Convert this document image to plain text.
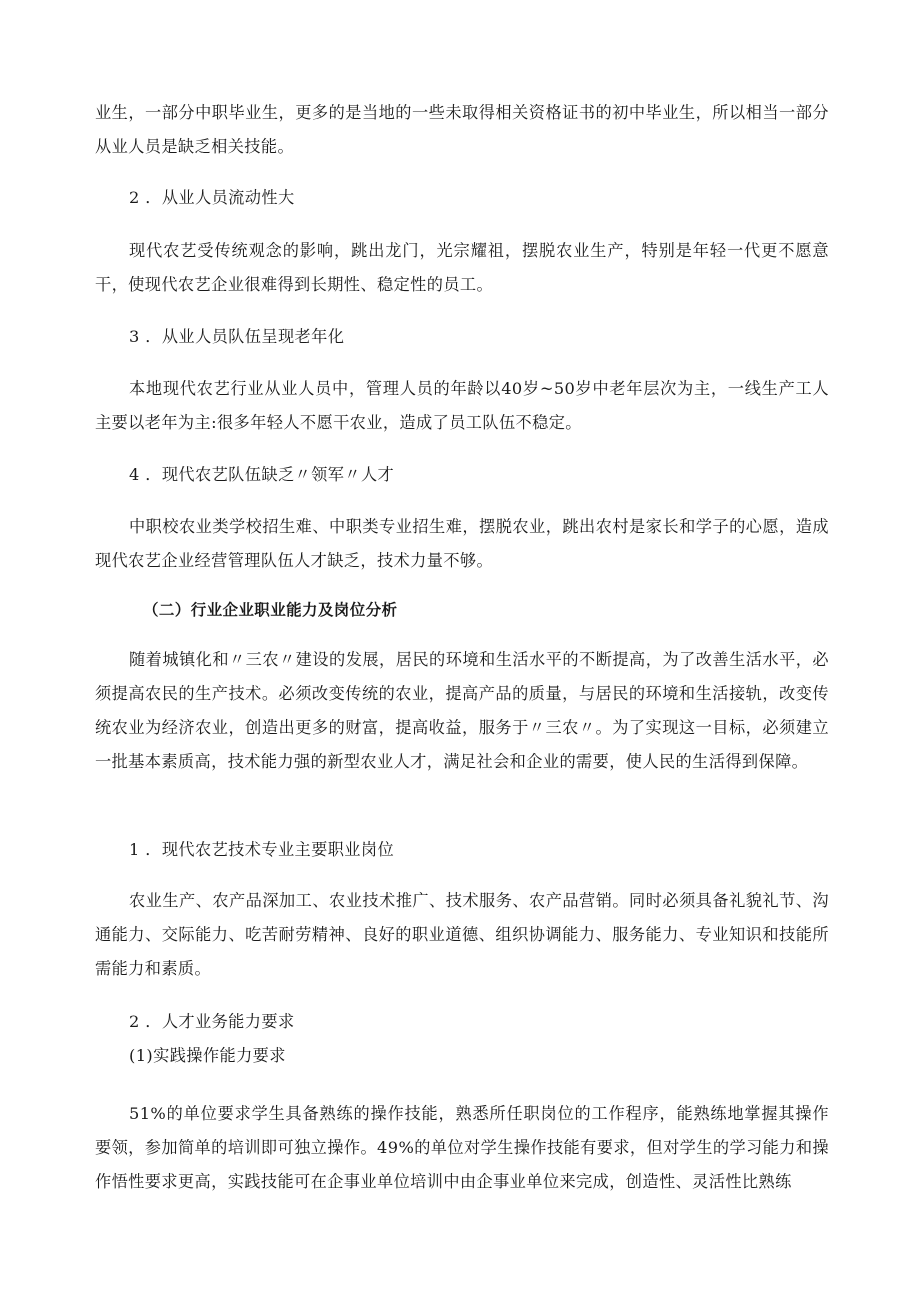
业生，一部分中职毕业生，更多的是当地的一些未取得相关资格证书的初中毕业生，所以相当一部分从业人员是缺乏相关技能。

2 ．从业人员流动性大

现代农艺受传统观念的影响，跳出龙门，光宗耀祖，摆脱农业生产，特别是年轻一代更不愿意干，使现代农艺企业很难得到长期性、稳定性的员工。

3 ．从业人员队伍呈现老年化

本地现代农艺行业从业人员中，管理人员的年龄以40岁~50岁中老年层次为主，一线生产工人主要以老年为主:很多年轻人不愿干农业，造成了员工队伍不稳定。

4 ．现代农艺队伍缺乏〃领军〃人才

中职校农业类学校招生难、中职类专业招生难，摆脱农业，跳出农村是家长和学子的心愿，造成现代农艺企业经营管理队伍人才缺乏，技术力量不够。

（二）行业企业职业能力及岗位分析

随着城镇化和〃三农〃建设的发展，居民的环境和生活水平的不断提高，为了改善生活水平，必须提高农民的生产技术。必须改变传统的农业，提高产品的质量，与居民的环境和生活接轨，改变传统农业为经济农业，创造出更多的财富，提高收益，服务于〃三农〃。为了实现这一目标，必须建立一批基本素质高，技术能力强的新型农业人才，满足社会和企业的需要，使人民的生活得到保障。

1 ．现代农艺技术专业主要职业岗位

农业生产、农产品深加工、农业技术推广、技术服务、农产品营销。同时必须具备礼貌礼节、沟通能力、交际能力、吃苦耐劳精神、良好的职业道德、组织协调能力、服务能力、专业知识和技能所需能力和素质。

2 ．人才业务能力要求

(1)实践操作能力要求

51%的单位要求学生具备熟练的操作技能，熟悉所任职岗位的工作程序，能熟练地掌握其操作要领，参加简单的培训即可独立操作。49%的单位对学生操作技能有要求，但对学生的学习能力和操作悟性要求更高，实践技能可在企事业单位培训中由企事业单位来完成，创造性、灵活性比熟练
